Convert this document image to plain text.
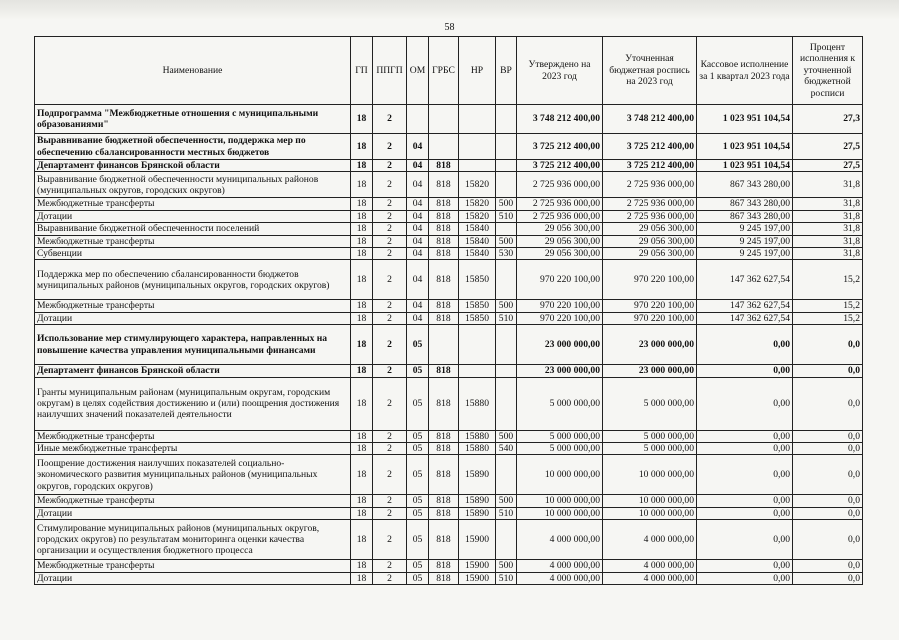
58
Наименование	ГП	ППГП	ОМ	ГРБС	НР	ВР	Утверждено на 2023 год	Уточненная бюджетная роспись на 2023 год	Кассовое исполнение за 1 квартал 2023 года	Процент исполнения к уточненной бюджетной росписи
Подпрограмма "Межбюджетные отношения с муниципальными образованиями"	18	2					3 748 212 400,00	3 748 212 400,00	1 023 951 104,54	27,3
Выравнивание бюджетной обеспеченности, поддержка мер по обеспечению сбалансированности местных бюджетов	18	2	04				3 725 212 400,00	3 725 212 400,00	1 023 951 104,54	27,5
Департамент финансов Брянской области	18	2	04	818			3 725 212 400,00	3 725 212 400,00	1 023 951 104,54	27,5
Выравнивание бюджетной обеспеченности муниципальных районов (муниципальных округов, городских округов)	18	2	04	818	15820		2 725 936 000,00	2 725 936 000,00	867 343 280,00	31,8
Межбюджетные трансферты	18	2	04	818	15820	500	2 725 936 000,00	2 725 936 000,00	867 343 280,00	31,8
Дотации	18	2	04	818	15820	510	2 725 936 000,00	2 725 936 000,00	867 343 280,00	31,8
Выравнивание бюджетной обеспеченности поселений	18	2	04	818	15840		29 056 300,00	29 056 300,00	9 245 197,00	31,8
Межбюджетные трансферты	18	2	04	818	15840	500	29 056 300,00	29 056 300,00	9 245 197,00	31,8
Субвенции	18	2	04	818	15840	530	29 056 300,00	29 056 300,00	9 245 197,00	31,8
Поддержка мер по обеспечению сбалансированности бюджетов муниципальных районов (муниципальных округов, городских округов)	18	2	04	818	15850		970 220 100,00	970 220 100,00	147 362 627,54	15,2
Межбюджетные трансферты	18	2	04	818	15850	500	970 220 100,00	970 220 100,00	147 362 627,54	15,2
Дотации	18	2	04	818	15850	510	970 220 100,00	970 220 100,00	147 362 627,54	15,2
Использование мер стимулирующего характера, направленных на повышение качества управления муниципальными финансами	18	2	05				23 000 000,00	23 000 000,00	0,00	0,0
Департамент финансов Брянской области	18	2	05	818			23 000 000,00	23 000 000,00	0,00	0,0
Гранты муниципальным районам (муниципальным округам, городским округам) в целях содействия достижению и (или) поощрения достижения наилучших значений показателей деятельности	18	2	05	818	15880		5 000 000,00	5 000 000,00	0,00	0,0
Межбюджетные трансферты	18	2	05	818	15880	500	5 000 000,00	5 000 000,00	0,00	0,0
Иные межбюджетные трансферты	18	2	05	818	15880	540	5 000 000,00	5 000 000,00	0,00	0,0
Поощрение достижения наилучших показателей социально-экономического развития муниципальных районов (муниципальных округов, городских округов)	18	2	05	818	15890		10 000 000,00	10 000 000,00	0,00	0,0
Межбюджетные трансферты	18	2	05	818	15890	500	10 000 000,00	10 000 000,00	0,00	0,0
Дотации	18	2	05	818	15890	510	10 000 000,00	10 000 000,00	0,00	0,0
Стимулирование муниципальных районов (муниципальных округов, городских округов) по результатам мониторинга оценки качества организации и осуществления бюджетного процесса	18	2	05	818	15900		4 000 000,00	4 000 000,00	0,00	0,0
Межбюджетные трансферты	18	2	05	818	15900	500	4 000 000,00	4 000 000,00	0,00	0,0
Дотации	18	2	05	818	15900	510	4 000 000,00	4 000 000,00	0,00	0,0
